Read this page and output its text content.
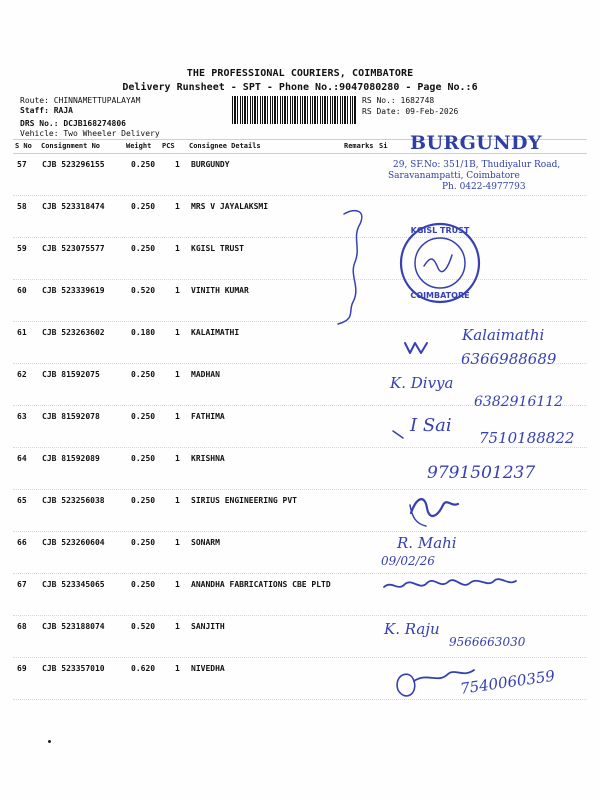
THE PROFESSIONAL COURIERS, COIMBATORE
Delivery Runsheet - SPT - Phone No.:9047080280 - Page No.:6
Route: CHINNAMETTUPALAYAM
Staff: RAJA
DRS No.: DCJB168274806
Vehicle: Two Wheeler Delivery
RS No.: 1682748
RS Date: 09-Feb-2026
S No Consignment No	Weight PCS Consignee Details	Remarks Si
57 CJB 523296155	0.250 1 BURGUNDY
58 CJB 523318474	0.250 1 MRS V JAYALAKSMI
59 CJB 523075577	0.250 1 KGISL TRUST
60 CJB 523339619	0.520 1 VINITH KUMAR
61 CJB 523263602	0.180 1 KALAIMATHI
62 CJB 81592075	0.250 1 MADHAN
63 CJB 81592078	0.250 1 FATHIMA
64 CJB 81592089	0.250 1 KRISHNA
65 CJB 523256038	0.250 1 SIRIUS ENGINEERING PVT
66 CJB 523260604	0.250 1 SONARM
67 CJB 523345065	0.250 1 ANANDHA FABRICATIONS CBE PLTD
68 CJB 523188074	0.520 1 SANJITH
69 CJB 523357010	0.620 1 NIVEDHA
BURGUNDY
29, SF.No: 351/1B, Thudiyalur Road,
Saravanampatti, Coimbatore
Ph. 0422-4977793
KGISL TRUST
COIMBATORE
Kalaimathi
6366988689
K. Divya
6382916112
I Sai
7510188822
9791501237
R. Mahi
09/02/26
K. Raju
9566663030
7540060359
